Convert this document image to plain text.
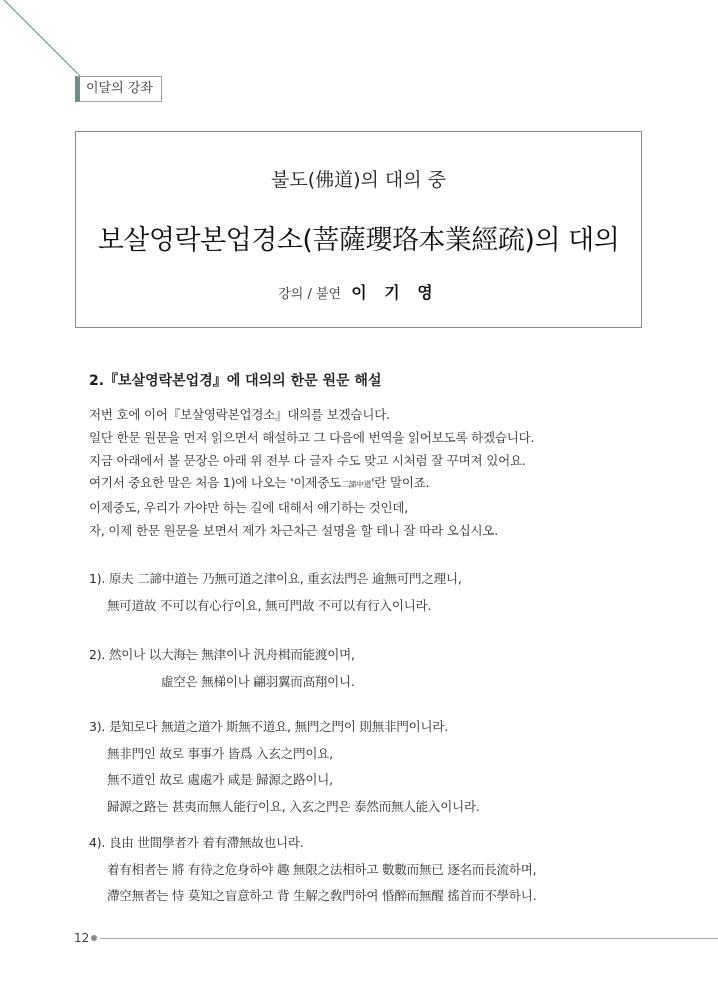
이달의 강좌
불도(佛道)의 대의 중
보살영락본업경소(菩薩瓔珞本業經疏)의 대의
강의 / 불연 이 기 영
2.『보살영락본업경』에 대의의 한문 원문 해설
저번 호에 이어『보살영락본업경소』대의를 보겠습니다.
일단 한문 원문을 먼저 읽으면서 해설하고 그 다음에 번역을 읽어보도록 하겠습니다.
지금 아래에서 볼 문장은 아래 위 전부 다 글자 수도 맞고 시처럼 잘 꾸며져 있어요.
여기서 중요한 말은 처음 1)에 나오는 '이제중도二諦中道'란 말이죠.
이제중도, 우리가 가야만 하는 길에 대해서 얘기하는 것인데,
자, 이제 한문 원문을 보면서 제가 차근차근 설명을 할 테니 잘 따라 오십시오.
1). 原夫 二諦中道는 乃無可道之津이요, 重玄法門은 逾無可門之理니,
無可道故 不可以有心行이요, 無可門故 不可以有行入이니라.
2). 然이나 以大海는 無津이나 汎舟楫而能渡이며,
虛空은 無梯이나 翩羽翼而高翔이니.
3). 是知로다 無道之道가 斯無不道요, 無門之門이 則無非門이니라.
無非門인 故로 事事가 皆爲 入玄之門이요,
無不道인 故로 處處가 咸是 歸源之路이니,
歸源之路는 甚夷而無人能行이요, 入玄之門은 泰然而無人能入이니라.
4). 良由 世間學者가 着有滯無故也니라.
着有相者는 將 有待之危身하야 趣 無限之法相하고 數數而無已 逐名而長流하며,
滯空無者는 恃 莫知之盲意하고 背 生解之敎門하여 惛醉而無醒 搖首而不學하니.
12
